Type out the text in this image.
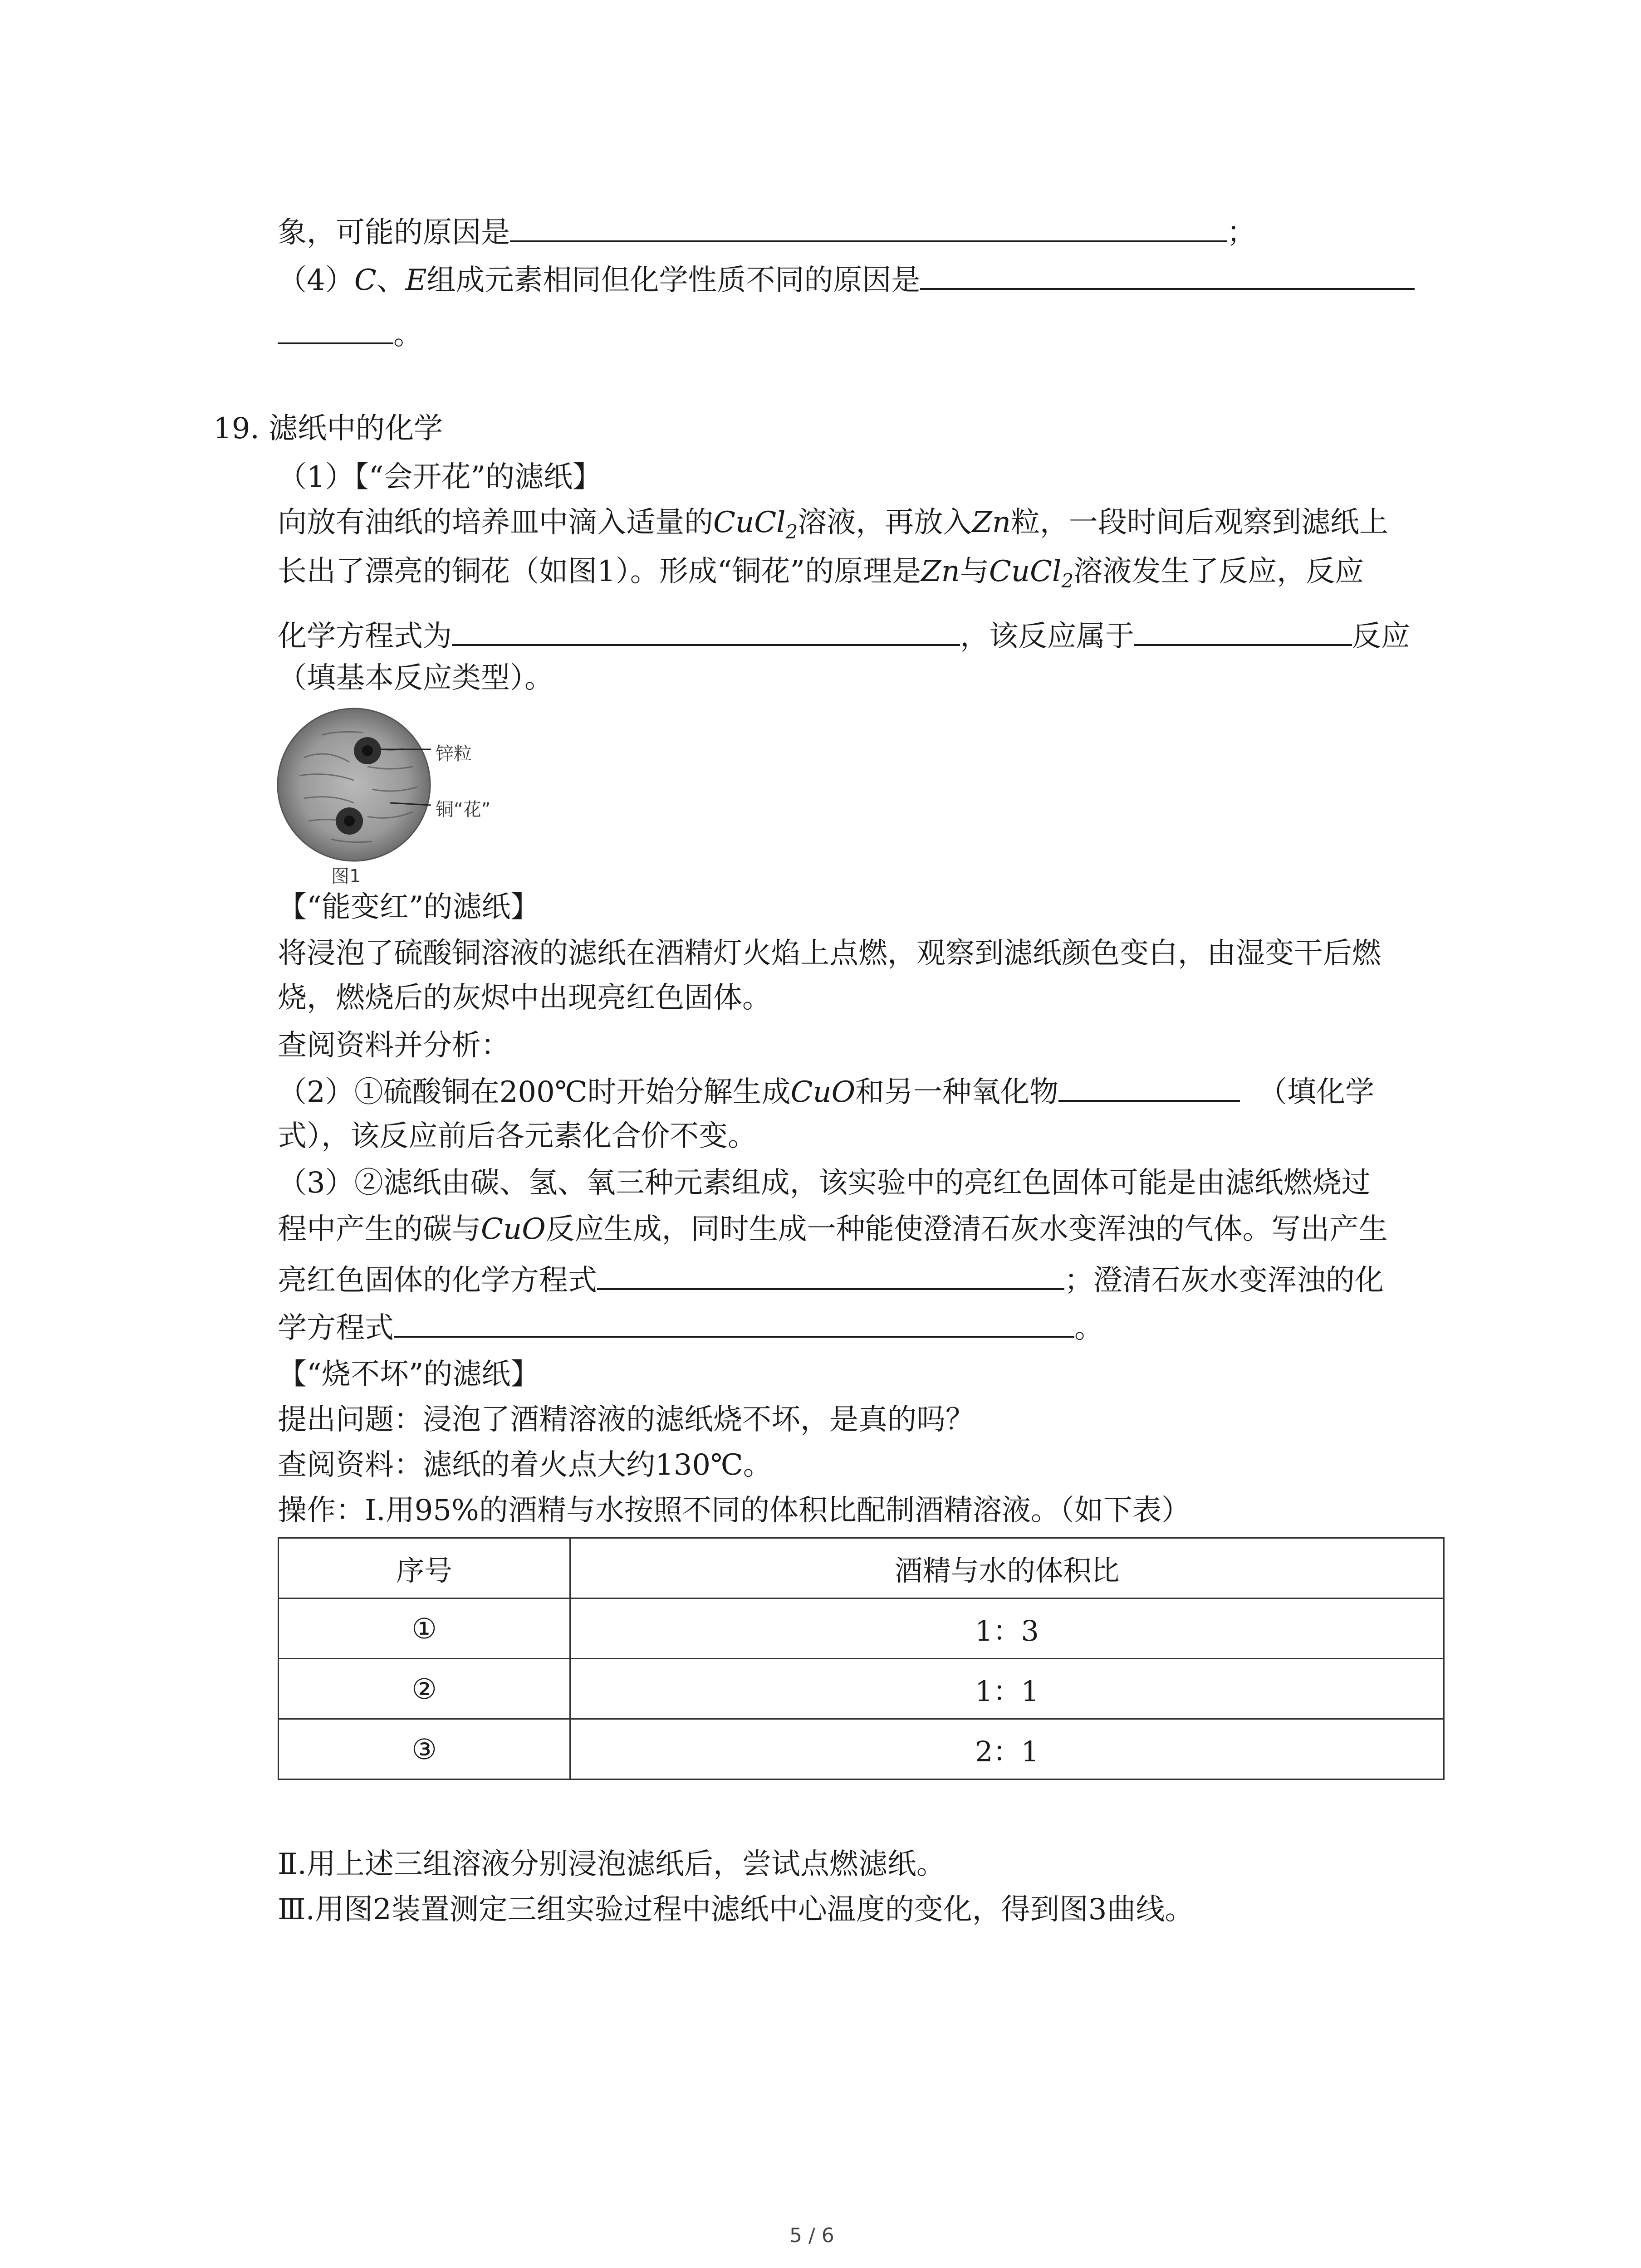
象，可能的原因是	；
（4）C、E组成元素相同但化学性质不同的原因是
。
19. 滤纸中的化学
（1）【“会开花”的滤纸】
向放有油纸的培养皿中滴入适量的CuCl$_2$溶液，再放入Zn粒，一段时间后观察到滤纸上
长出了漂亮的铜花（如图1）。形成“铜花”的原理是Zn与CuCl$_2$溶液发生了反应，反应
化学方程式为	，该反应属于	反应
（填基本反应类型）。
锌粒
铜“花”
图1
【“能变红”的滤纸】
将浸泡了硫酸铜溶液的滤纸在酒精灯火焰上点燃，观察到滤纸颜色变白，由湿变干后燃
烧，燃烧后的灰烬中出现亮红色固体。
查阅资料并分析：
（2）①硫酸铜在200℃时开始分解生成CuO和另一种氧化物	（填化学
式），该反应前后各元素化合价不变。
（3）②滤纸由碳、氢、氧三种元素组成，该实验中的亮红色固体可能是由滤纸燃烧过
程中产生的碳与CuO反应生成，同时生成一种能使澄清石灰水变浑浊的气体。写出产生
亮红色固体的化学方程式	；澄清石灰水变浑浊的化
学方程式	。
【“烧不坏”的滤纸】
提出问题：浸泡了酒精溶液的滤纸烧不坏，是真的吗？
查阅资料：滤纸的着火点大约130℃。
操作：Ⅰ.用95%的酒精与水按照不同的体积比配制酒精溶液。（如下表）
序号	酒精与水的体积比
①	1：3
②	1：1
③	2：1
Ⅱ.用上述三组溶液分别浸泡滤纸后，尝试点燃滤纸。
Ⅲ.用图2装置测定三组实验过程中滤纸中心温度的变化，得到图3曲线。
5 / 6
